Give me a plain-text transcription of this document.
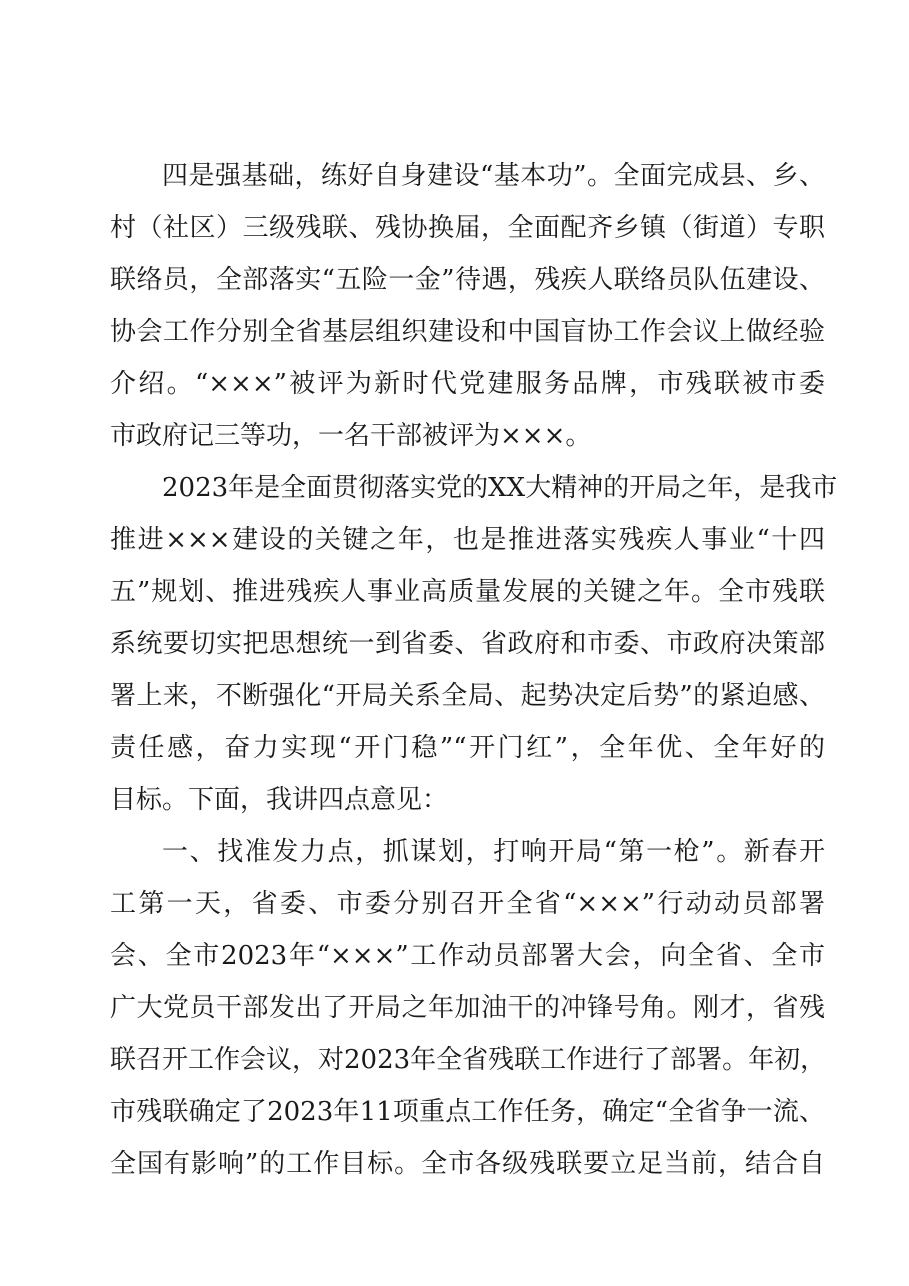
四是强基础，练好自身建设“基本功”。全面完成县、乡、
村（社区）三级残联、残协换届，全面配齐乡镇（街道）专职
联络员，全部落实“五险一金”待遇，残疾人联络员队伍建设、
协会工作分别全省基层组织建设和中国盲协工作会议上做经验
介绍。“×××”被评为新时代党建服务品牌，市残联被市委
市政府记三等功，一名干部被评为×××。
2023年是全面贯彻落实党的XX大精神的开局之年，是我市
推进×××建设的关键之年，也是推进落实残疾人事业“十四
五”规划、推进残疾人事业高质量发展的关键之年。全市残联
系统要切实把思想统一到省委、省政府和市委、市政府决策部
署上来，不断强化“开局关系全局、起势决定后势”的紧迫感、
责任感，奋力实现“开门稳”“开门红”，全年优、全年好的
目标。下面，我讲四点意见：
一、找准发力点，抓谋划，打响开局“第一枪”。新春开
工第一天，省委、市委分别召开全省“×××”行动动员部署
会、全市2023年“×××”工作动员部署大会，向全省、全市
广大党员干部发出了开局之年加油干的冲锋号角。刚才，省残
联召开工作会议，对2023年全省残联工作进行了部署。年初，
市残联确定了2023年11项重点工作任务，确定“全省争一流、
全国有影响”的工作目标。全市各级残联要立足当前，结合自
